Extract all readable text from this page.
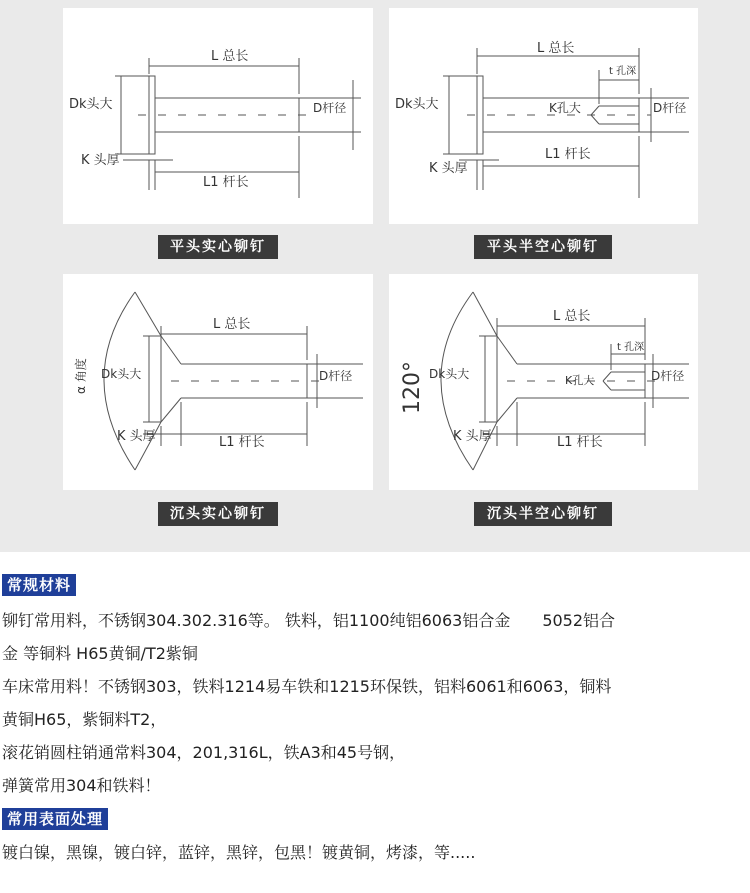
L 总长
Dk头大	D杆径
K 头厚
L1 杆长
平头实心铆钉
L 总长
t 孔深
Dk头大	K孔大	D杆径
K 头厚
L1 杆长
平头半空心铆钉
α 角度
L 总长
Dk头大	D杆径
K 头厚	L1 杆长
沉头实心铆钉
120°
L 总长
t 孔深
Dk头大	K孔大	D杆径
K 头厚	L1 杆长
沉头半空心铆钉
常规材料
铆钉常用料，不锈钢304.302.316等。 铁料，铝1100纯铝6063铝合金　　5052铝合
金 等铜料 H65黄铜/T2紫铜
车床常用料！不锈钢303，铁料1214易车铁和1215环保铁，铝料6061和6063，铜料
黄铜H65，紫铜料T2，
滚花销圆柱销通常料304，201,316L，铁A3和45号钢，
弹簧常用304和铁料！
常用表面处理
镀白镍，黑镍，镀白锌，蓝锌，黑锌，包黑！镀黄铜，烤漆，等.....
